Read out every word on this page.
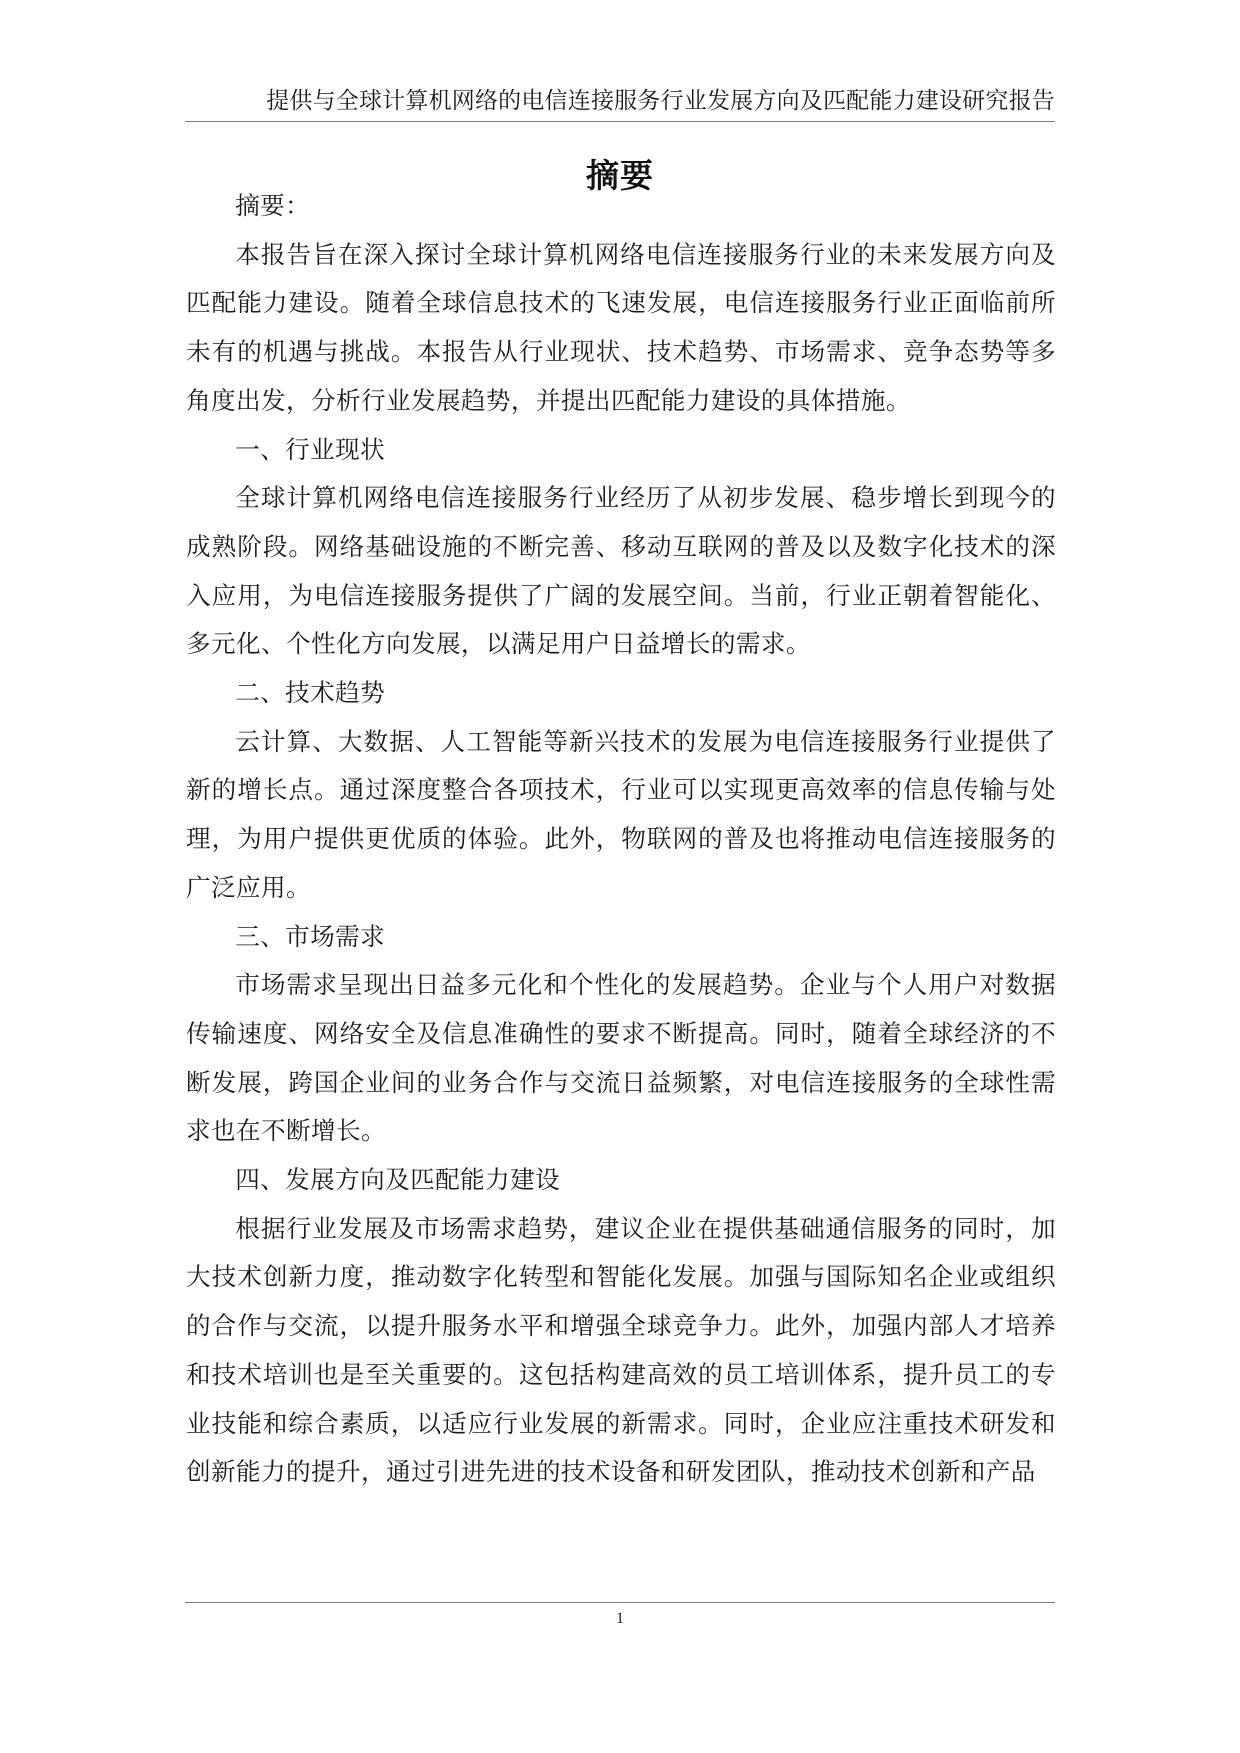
提供与全球计算机网络的电信连接服务行业发展方向及匹配能力建设研究报告
摘要

摘要：

本报告旨在深入探讨全球计算机网络电信连接服务行业的未来发展方向及匹配能力建设。随着全球信息技术的飞速发展，电信连接服务行业正面临前所未有的机遇与挑战。本报告从行业现状、技术趋势、市场需求、竞争态势等多角度出发，分析行业发展趋势，并提出匹配能力建设的具体措施。

一、行业现状

全球计算机网络电信连接服务行业经历了从初步发展、稳步增长到现今的成熟阶段。网络基础设施的不断完善、移动互联网的普及以及数字化技术的深入应用，为电信连接服务提供了广阔的发展空间。当前，行业正朝着智能化、多元化、个性化方向发展，以满足用户日益增长的需求。

二、技术趋势

云计算、大数据、人工智能等新兴技术的发展为电信连接服务行业提供了新的增长点。通过深度整合各项技术，行业可以实现更高效率的信息传输与处理，为用户提供更优质的体验。此外，物联网的普及也将推动电信连接服务的广泛应用。

三、市场需求

市场需求呈现出日益多元化和个性化的发展趋势。企业与个人用户对数据传输速度、网络安全及信息准确性的要求不断提高。同时，随着全球经济的不断发展，跨国企业间的业务合作与交流日益频繁，对电信连接服务的全球性需求也在不断增长。

四、发展方向及匹配能力建设

根据行业发展及市场需求趋势，建议企业在提供基础通信服务的同时，加大技术创新力度，推动数字化转型和智能化发展。加强与国际知名企业或组织的合作与交流，以提升服务水平和增强全球竞争力。此外，加强内部人才培养和技术培训也是至关重要的。这包括构建高效的员工培训体系，提升员工的专业技能和综合素质，以适应行业发展的新需求。同时，企业应注重技术研发和创新能力的提升，通过引进先进的技术设备和研发团队，推动技术创新和产品

1
